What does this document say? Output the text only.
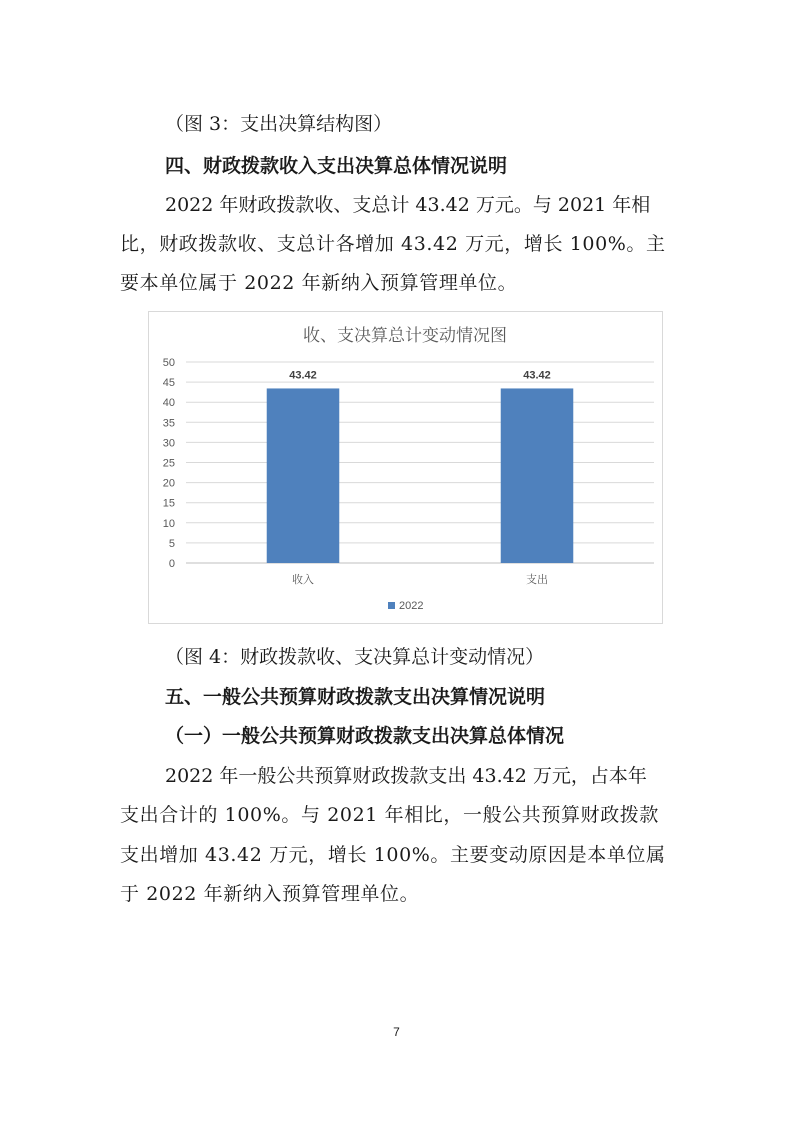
（图 3：支出决算结构图）
四、财政拨款收入支出决算总体情况说明
2022 年财政拨款收、支总计 43.42 万元。与 2021 年相
比，财政拨款收、支总计各增加 43.42 万元，增长 100%。主
要本单位属于 2022 年新纳入预算管理单位。
收、支决算总计变动情况图
0
5
10
15
20
25
30
35
40
45
50
43.42	43.42
收入	支出
2022
（图 4：财政拨款收、支决算总计变动情况）
五、一般公共预算财政拨款支出决算情况说明
（一）一般公共预算财政拨款支出决算总体情况
2022 年一般公共预算财政拨款支出 43.42 万元，占本年
支出合计的 100%。与 2021 年相比，一般公共预算财政拨款
支出增加 43.42 万元，增长 100%。主要变动原因是本单位属
于 2022 年新纳入预算管理单位。
7
